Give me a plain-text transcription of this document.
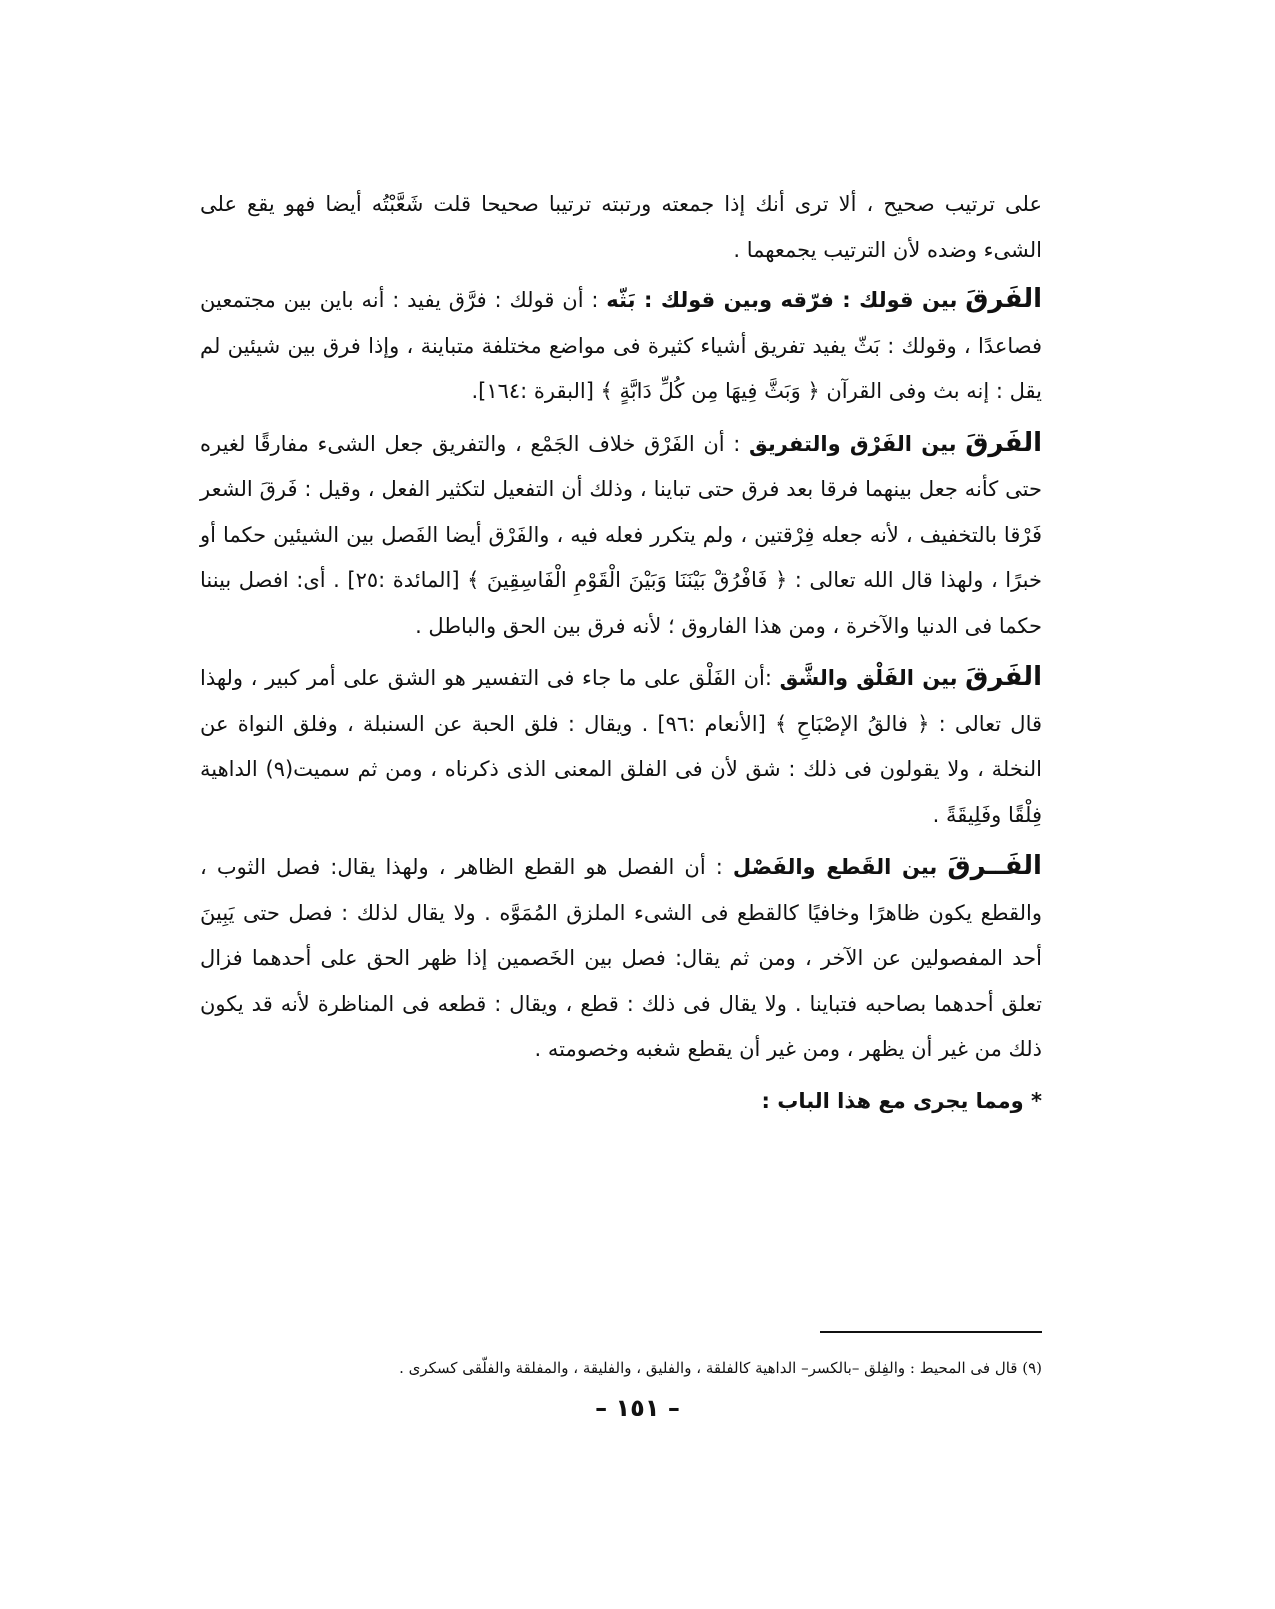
على ترتيب صحيح ، ألا ترى أنك إذا جمعته ورتبته ترتيبا صحيحا قلت شَعَّبْتُه أيضا فهو يقع على الشىء وضده لأن الترتيب يجمعهما .

الفَرقَ بين قولك : فرّقه وبين قولك : بَثّه : أن قولك : فرَّق يفيد : أنه باين بين مجتمعين فصاعدًا ، وقولك : بَثّ يفيد تفريق أشياء كثيرة فى مواضع مختلفة متباينة ، وإذا فرق بين شيئين لم يقل : إنه بث وفى القرآن ﴿ وَبَثَّ فِيهَا مِن كُلِّ دَابَّةٍ ﴾ [البقرة :١٦٤].

الفَرقَ بين الفَرْق والتفريق : أن الفَرْق خلاف الجَمْع ، والتفريق جعل الشىء مفارقًا لغيره حتى كأنه جعل بينهما فرقا بعد فرق حتى تباينا ، وذلك أن التفعيل لتكثير الفعل ، وقيل : فَرقَ الشعر فَرْقا بالتخفيف ، لأنه جعله فِرْقتين ، ولم يتكرر فعله فيه ، والفَرْق أيضا الفَصل بين الشيئين حكما أو خبرًا ، ولهذا قال الله تعالى : ﴿ فَافْرُقْ بَيْنَنَا وَبَيْنَ الْقَوْمِ الْفَاسِقِينَ ﴾ [المائدة :٢٥] . أى: افصل بيننا حكما فى الدنيا والآخرة ، ومن هذا الفاروق ؛ لأنه فرق بين الحق والباطل .

الفَرقَ بين الفَلْق والشَّق :أن الفَلْق على ما جاء فى التفسير هو الشق على أمر كبير ، ولهذا قال تعالى : ﴿ فالقُ الإصْبَاحِ ﴾ [الأنعام :٩٦] . ويقال : فلق الحبة عن السنبلة ، وفلق النواة عن النخلة ، ولا يقولون فى ذلك : شق لأن فى الفلق المعنى الذى ذكرناه ، ومن ثم سميت(٩) الداهية فِلْقًا وفَلِيقَةً .

الفَــرقَ بين القَطع والفَصْل : أن الفصل هو القطع الظاهر ، ولهذا يقال: فصل الثوب ، والقطع يكون ظاهرًا وخافيًا كالقطع فى الشىء الملزق المُمَوَّه . ولا يقال لذلك : فصل حتى يَبِينَ أحد المفصولين عن الآخر ، ومن ثم يقال: فصل بين الخَصمين إذا ظهر الحق على أحدهما فزال تعلق أحدهما بصاحبه فتباينا . ولا يقال فى ذلك : قطع ، ويقال : قطعه فى المناظرة لأنه قد يكون ذلك من غير أن يظهر ، ومن غير أن يقطع شغبه وخصومته .

* ومما يجرى مع هذا الباب :

(٩) قال فى المحيط : والفِلق –بالكسر– الداهية كالفلقة ، والفليق ، والفليقة ، والمفلقة والفلّقى كسكرى .

– ١٥١ –
